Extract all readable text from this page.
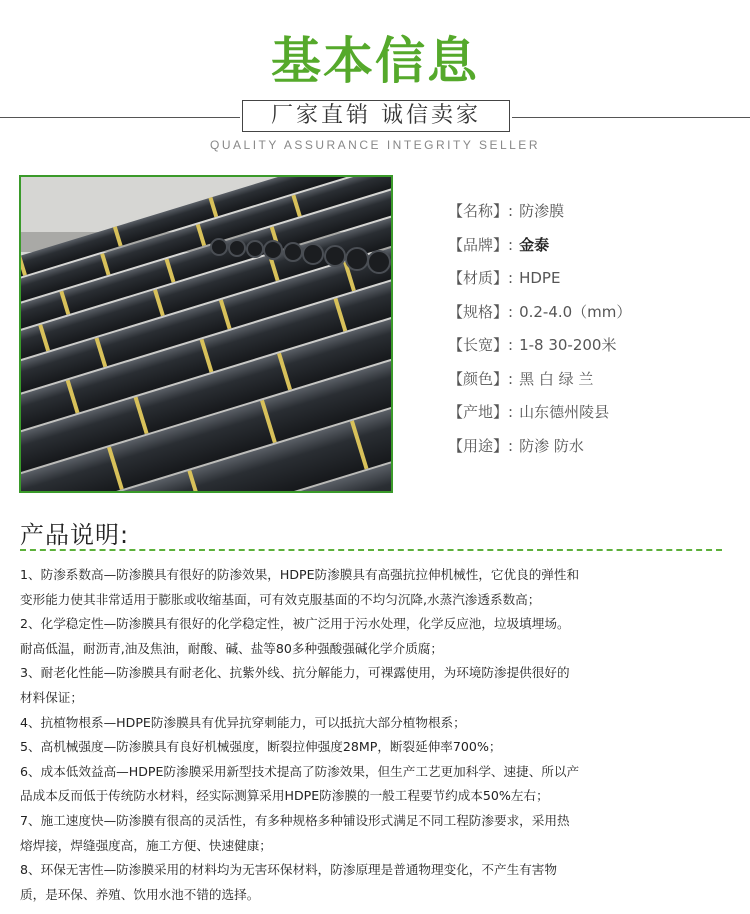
基本信息
厂家直销 诚信卖家
QUALITY ASSURANCE INTEGRITY SELLER
【名称】: 防渗膜
【品牌】: 金泰
【材质】: HDPE
【规格】: 0.2-4.0（mm）
【长宽】: 1-8 30-200米
【颜色】: 黑 白 绿 兰
【产地】: 山东德州陵县
【用途】: 防渗 防水
产品说明:

1、防渗系数高—防渗膜具有很好的防渗效果，HDPE防渗膜具有高强抗拉伸机械性，它优良的弹性和

变形能力使其非常适用于膨胀或收缩基面，可有效克服基面的不均匀沉降,水蒸汽渗透系数高；

2、化学稳定性—防渗膜具有很好的化学稳定性，被广泛用于污水处理，化学反应池，垃圾填埋场。

耐高低温，耐沥青,油及焦油，耐酸、碱、盐等80多种强酸强碱化学介质腐；

3、耐老化性能—防渗膜具有耐老化、抗紫外线、抗分解能力，可裸露使用，为环境防渗提供很好的

材料保证；

4、抗植物根系—HDPE防渗膜具有优异抗穿刺能力，可以抵抗大部分植物根系；

5、高机械强度—防渗膜具有良好机械强度，断裂拉伸强度28MP，断裂延伸率700%；

6、成本低效益高—HDPE防渗膜采用新型技术提高了防渗效果，但生产工艺更加科学、速捷、所以产

品成本反而低于传统防水材料，经实际测算采用HDPE防渗膜的一般工程要节约成本50%左右；

7、施工速度快—防渗膜有很高的灵活性，有多种规格多种铺设形式满足不同工程防渗要求，采用热

熔焊接，焊缝强度高，施工方便、快速健康；

8、环保无害性—防渗膜采用的材料均为无害环保材料，防渗原理是普通物理变化，不产生有害物

质，是环保、养殖、饮用水池不错的选择。
